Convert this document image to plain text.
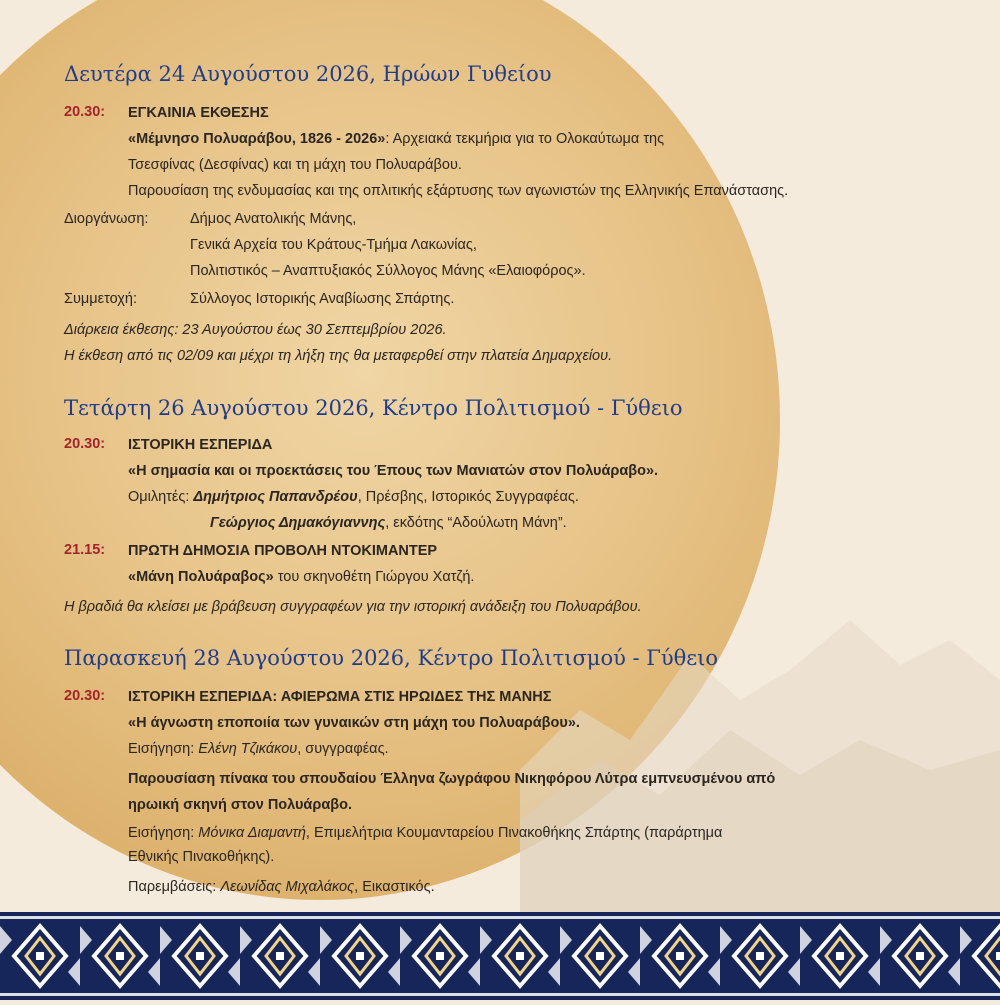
Δευτέρα 24 Αυγούστου 2026, Ηρώων Γυθείου
20.30: ΕΓΚΑΙΝΙΑ ΕΚΘΕΣΗΣ
«Μέμνησο Πολυαράβου, 1826 - 2026»: Αρχειακά τεκμήρια για το Ολοκαύτωμα της
Τσεσφίνας (Δεσφίνας) και τη μάχη του Πολυαράβου.
Παρουσίαση της ενδυμασίας και της οπλιτικής εξάρτυσης των αγωνιστών της Ελληνικής Επανάστασης.
Διοργάνωση:	Δήμος Ανατολικής Μάνης,
Γενικά Αρχεία του Κράτους-Τμήμα Λακωνίας,
Πολιτιστικός – Αναπτυξιακός Σύλλογος Μάνης «Ελαιοφόρος».
Συμμετοχή:	Σύλλογος Ιστορικής Αναβίωσης Σπάρτης.
Διάρκεια έκθεσης: 23 Αυγούστου έως 30 Σεπτεμβρίου 2026.
Η έκθεση από τις 02/09 και μέχρι τη λήξη της θα μεταφερθεί στην πλατεία Δημαρχείου.
Τετάρτη 26 Αυγούστου 2026, Κέντρο Πολιτισμού - Γύθειο
20.30: ΙΣΤΟΡΙΚΗ ΕΣΠΕΡΙΔΑ
«Η σημασία και οι προεκτάσεις του Έπους των Μανιατών στον Πολυάραβο».
Ομιλητές: Δημήτριος Παπανδρέου, Πρέσβης, Ιστορικός Συγγραφέας.
Γεώργιος Δημακόγιαννης, εκδότης “Αδούλωτη Μάνη”.
21.15: ΠΡΩΤΗ ΔΗΜΟΣΙΑ ΠΡΟΒΟΛΗ ΝΤΟΚΙΜΑΝΤΕΡ
«Μάνη Πολυάραβος» του σκηνοθέτη Γιώργου Χατζή.
Η βραδιά θα κλείσει με βράβευση συγγραφέων για την ιστορική ανάδειξη του Πολυαράβου.
Παρασκευή 28 Αυγούστου 2026, Κέντρο Πολιτισμού - Γύθειο
20.30: ΙΣΤΟΡΙΚΗ ΕΣΠΕΡΙΔΑ: ΑΦΙΕΡΩΜΑ ΣΤΙΣ ΗΡΩΙΔΕΣ ΤΗΣ ΜΑΝΗΣ
«Η άγνωστη εποποιία των γυναικών στη μάχη του Πολυαράβου».
Εισήγηση: Ελένη Τζικάκου, συγγραφέας.
Παρουσίαση πίνακα του σπουδαίου Έλληνα ζωγράφου Νικηφόρου Λύτρα εμπνευσμένου από
ηρωική σκηνή στον Πολυάραβο.
Εισήγηση: Μόνικα Διαμαντή, Επιμελήτρια Κουμανταρείου Πινακοθήκης Σπάρτης (παράρτημα
Εθνικής Πινακοθήκης).
Παρεμβάσεις: Λεωνίδας Μιχαλάκος, Εικαστικός.
